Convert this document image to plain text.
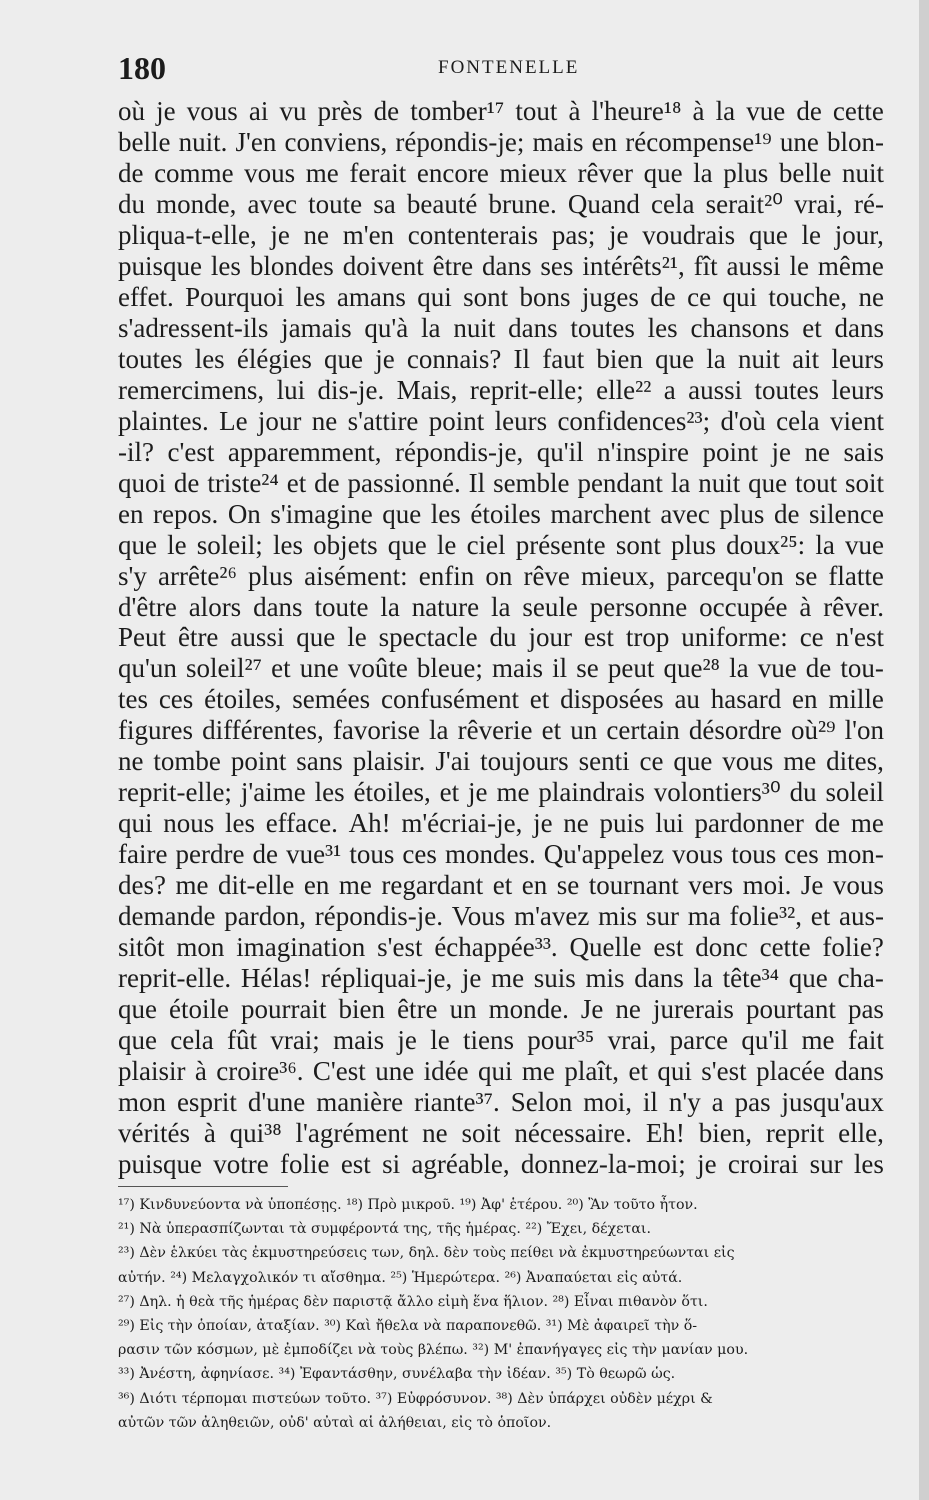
180	FONTENELLE
où je vous ai vu près de tomber¹⁷ tout à l'heure¹⁸ à la vue de cette
belle nuit. J'en conviens, répondis-je; mais en récompense¹⁹ une blon-
de comme vous me ferait encore mieux rêver que la plus belle nuit
du monde, avec toute sa beauté brune. Quand cela serait²⁰ vrai, ré-
pliqua-t-elle, je ne m'en contenterais pas; je voudrais que le jour,
puisque les blondes doivent être dans ses intérêts²¹, fît aussi le même
effet. Pourquoi les amans qui sont bons juges de ce qui touche, ne
s'adressent-ils jamais qu'à la nuit dans toutes les chansons et dans
toutes les élégies que je connais? Il faut bien que la nuit ait leurs
remercimens, lui dis-je. Mais, reprit-elle; elle²² a aussi toutes leurs
plaintes. Le jour ne s'attire point leurs confidences²³; d'où cela vient
-il? c'est apparemment, répondis-je, qu'il n'inspire point je ne sais
quoi de triste²⁴ et de passionné. Il semble pendant la nuit que tout soit
en repos. On s'imagine que les étoiles marchent avec plus de silence
que le soleil; les objets que le ciel présente sont plus doux²⁵: la vue
s'y arrête²⁶ plus aisément: enfin on rêve mieux, parcequ'on se flatte
d'être alors dans toute la nature la seule personne occupée à rêver.
Peut être aussi que le spectacle du jour est trop uniforme: ce n'est
qu'un soleil²⁷ et une voûte bleue; mais il se peut que²⁸ la vue de tou-
tes ces étoiles, semées confusément et disposées au hasard en mille
figures différentes, favorise la rêverie et un certain désordre où²⁹ l'on
ne tombe point sans plaisir. J'ai toujours senti ce que vous me dites,
reprit-elle; j'aime les étoiles, et je me plaindrais volontiers³⁰ du soleil
qui nous les efface. Ah! m'écriai-je, je ne puis lui pardonner de me
faire perdre de vue³¹ tous ces mondes. Qu'appelez vous tous ces mon-
des? me dit-elle en me regardant et en se tournant vers moi. Je vous
demande pardon, répondis-je. Vous m'avez mis sur ma folie³², et aus-
sitôt mon imagination s'est échappée³³. Quelle est donc cette folie?
reprit-elle. Hélas! répliquai-je, je me suis mis dans la tête³⁴ que cha-
que étoile pourrait bien être un monde. Je ne jurerais pourtant pas
que cela fût vrai; mais je le tiens pour³⁵ vrai, parce qu'il me fait
plaisir à croire³⁶. C'est une idée qui me plaît, et qui s'est placée dans
mon esprit d'une manière riante³⁷. Selon moi, il n'y a pas jusqu'aux
vérités à qui³⁸ l'agrément ne soit nécessaire. Eh! bien, reprit elle,
puisque votre folie est si agréable, donnez-la-moi; je croirai sur les
¹⁷) Κινδυνεύοντα νὰ ὑποπέσῃς. ¹⁸) Πρὸ μικροῦ. ¹⁹) Ἀφ' ἑτέρου. ²⁰) Ἂν τοῦτο ἦτον.
²¹) Νὰ ὑπερασπίζωνται τὰ συμφέροντά της, τῆς ἡμέρας. ²²) Ἔχει, δέχεται.
²³) Δὲν ἑλκύει τὰς ἐκμυστηρεύσεις των, δηλ. δὲν τοὺς πείθει νὰ ἐκμυστηρεύωνται εἰς
αὐτήν. ²⁴) Μελαγχολικόν τι αἴσθημα. ²⁵) Ἡμερώτερα. ²⁶) Ἀναπαύεται εἰς αὐτά.
²⁷) Δηλ. ἡ θεὰ τῆς ἡμέρας δὲν παριστᾷ ἄλλο εἰμὴ ἕνα ἥλιον. ²⁸) Εἶναι πιθανὸν ὅτι.
²⁹) Εἰς τὴν ὁποίαν, ἀταξίαν. ³⁰) Καὶ ἤθελα νὰ παραπονεθῶ. ³¹) Μὲ ἀφαιρεῖ τὴν ὅ-
ρασιν τῶν κόσμων, μὲ ἐμποδίζει νὰ τοὺς βλέπω. ³²) Μ' ἐπανήγαγες εἰς τὴν μανίαν μου.
³³) Ἀνέστη, ἀφηνίασε. ³⁴) Ἐφαντάσθην, συνέλαβα τὴν ἰδέαν. ³⁵) Τὸ θεωρῶ ὡς.
³⁶) Διότι τέρπομαι πιστεύων τοῦτο. ³⁷) Εὐφρόσυνον. ³⁸) Δὲν ὑπάρχει οὐδὲν μέχρι &
αὐτῶν τῶν ἀληθειῶν, οὐδ' αὐταὶ αἱ ἀλήθειαι, εἰς τὸ ὁποῖον.
